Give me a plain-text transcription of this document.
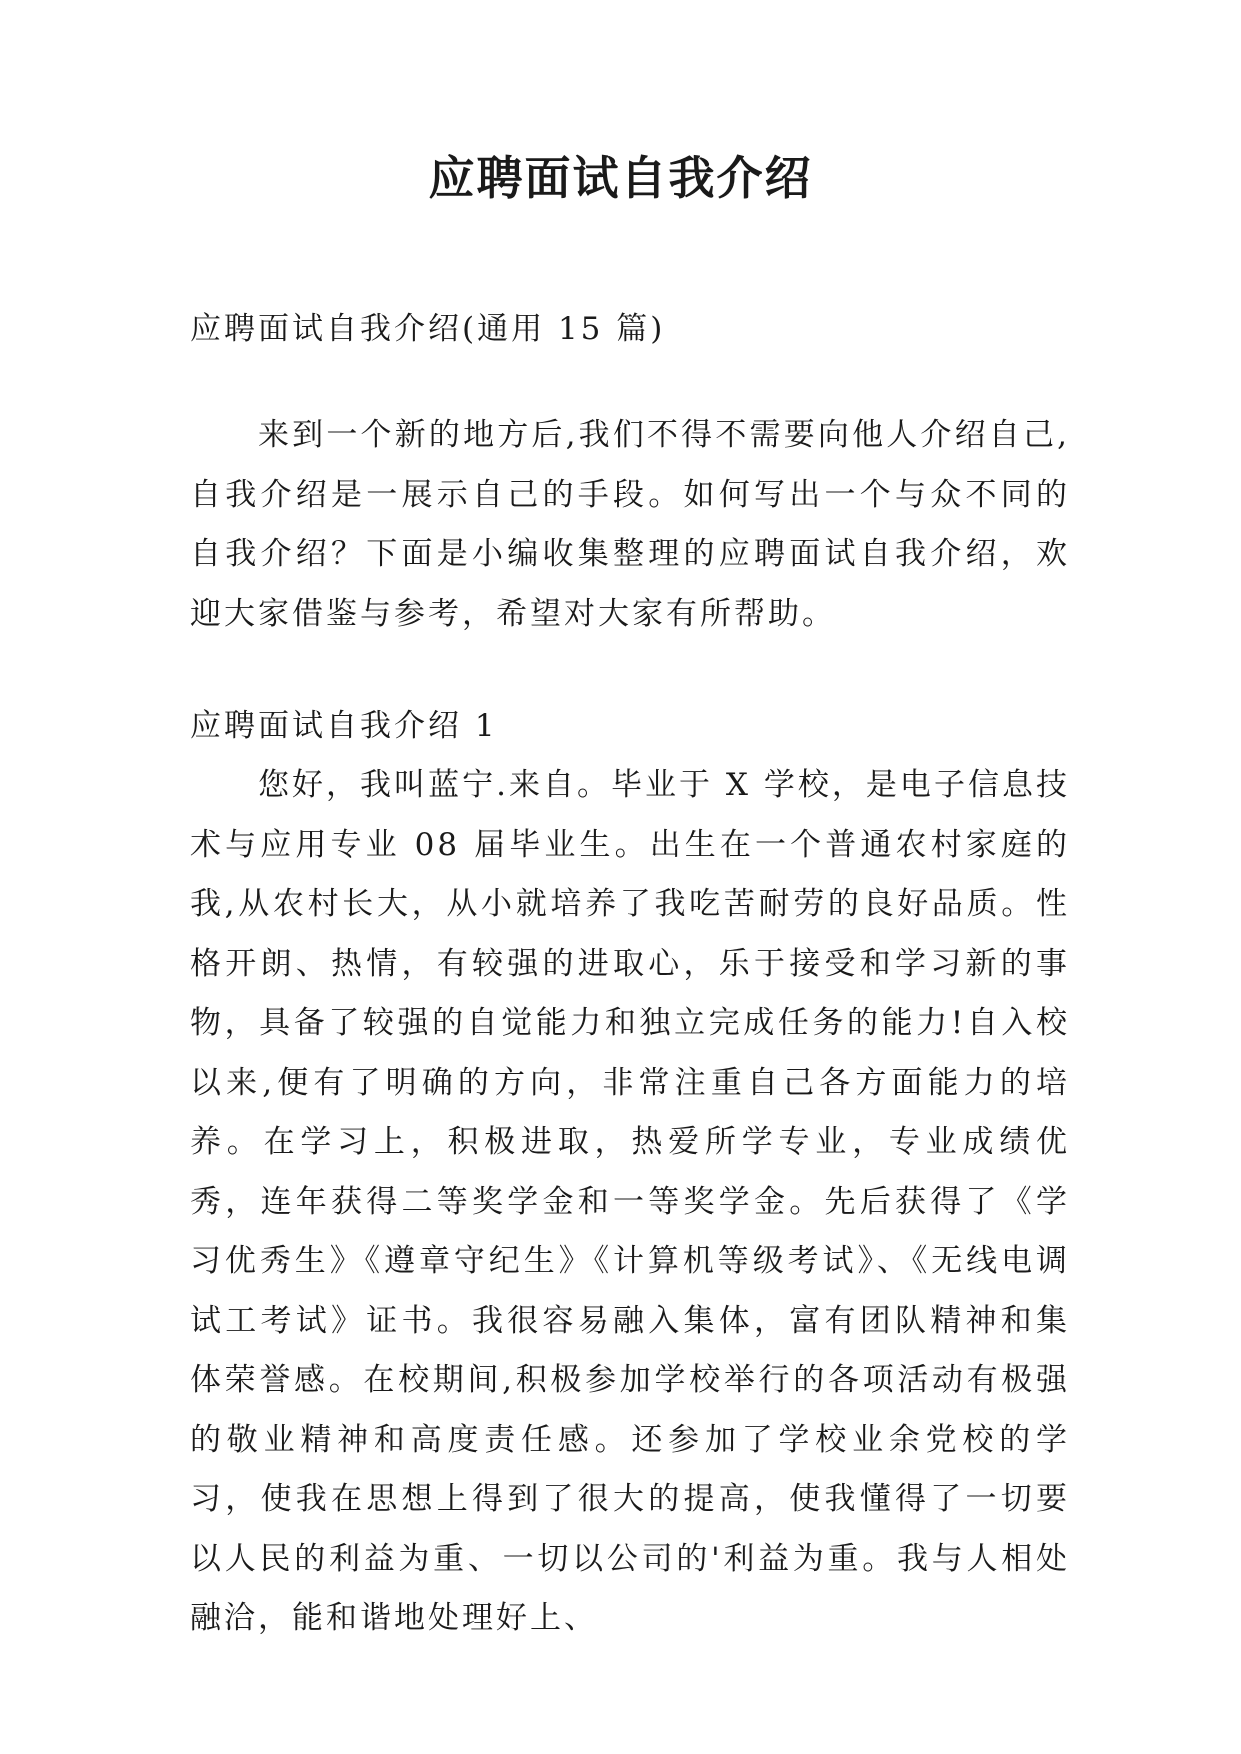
应聘面试自我介绍

应聘面试自我介绍(通用 15 篇)

来到一个新的地方后,我们不得不需要向他人介绍自己,自我介绍是一展示自己的手段。如何写出一个与众不同的自我介绍？下面是小编收集整理的应聘面试自我介绍，欢迎大家借鉴与参考，希望对大家有所帮助。

应聘面试自我介绍 1

您好，我叫蓝宁.来自。毕业于 X 学校，是电子信息技术与应用专业 08 届毕业生。出生在一个普通农村家庭的我,从农村长大，从小就培养了我吃苦耐劳的良好品质。性格开朗、热情，有较强的进取心，乐于接受和学习新的事物，具备了较强的自觉能力和独立完成任务的能力!自入校以来,便有了明确的方向，非常注重自己各方面能力的培养。在学习上，积极进取，热爱所学专业，专业成绩优秀，连年获得二等奖学金和一等奖学金。先后获得了《学习优秀生》《遵章守纪生》《计算机等级考试》、《无线电调试工考试》证书。我很容易融入集体，富有团队精神和集体荣誉感。在校期间,积极参加学校举行的各项活动有极强的敬业精神和高度责任感。还参加了学校业余党校的学习，使我在思想上得到了很大的提高，使我懂得了一切要以人民的利益为重、一切以公司的'利益为重。我与人相处融洽，能和谐地处理好上、
